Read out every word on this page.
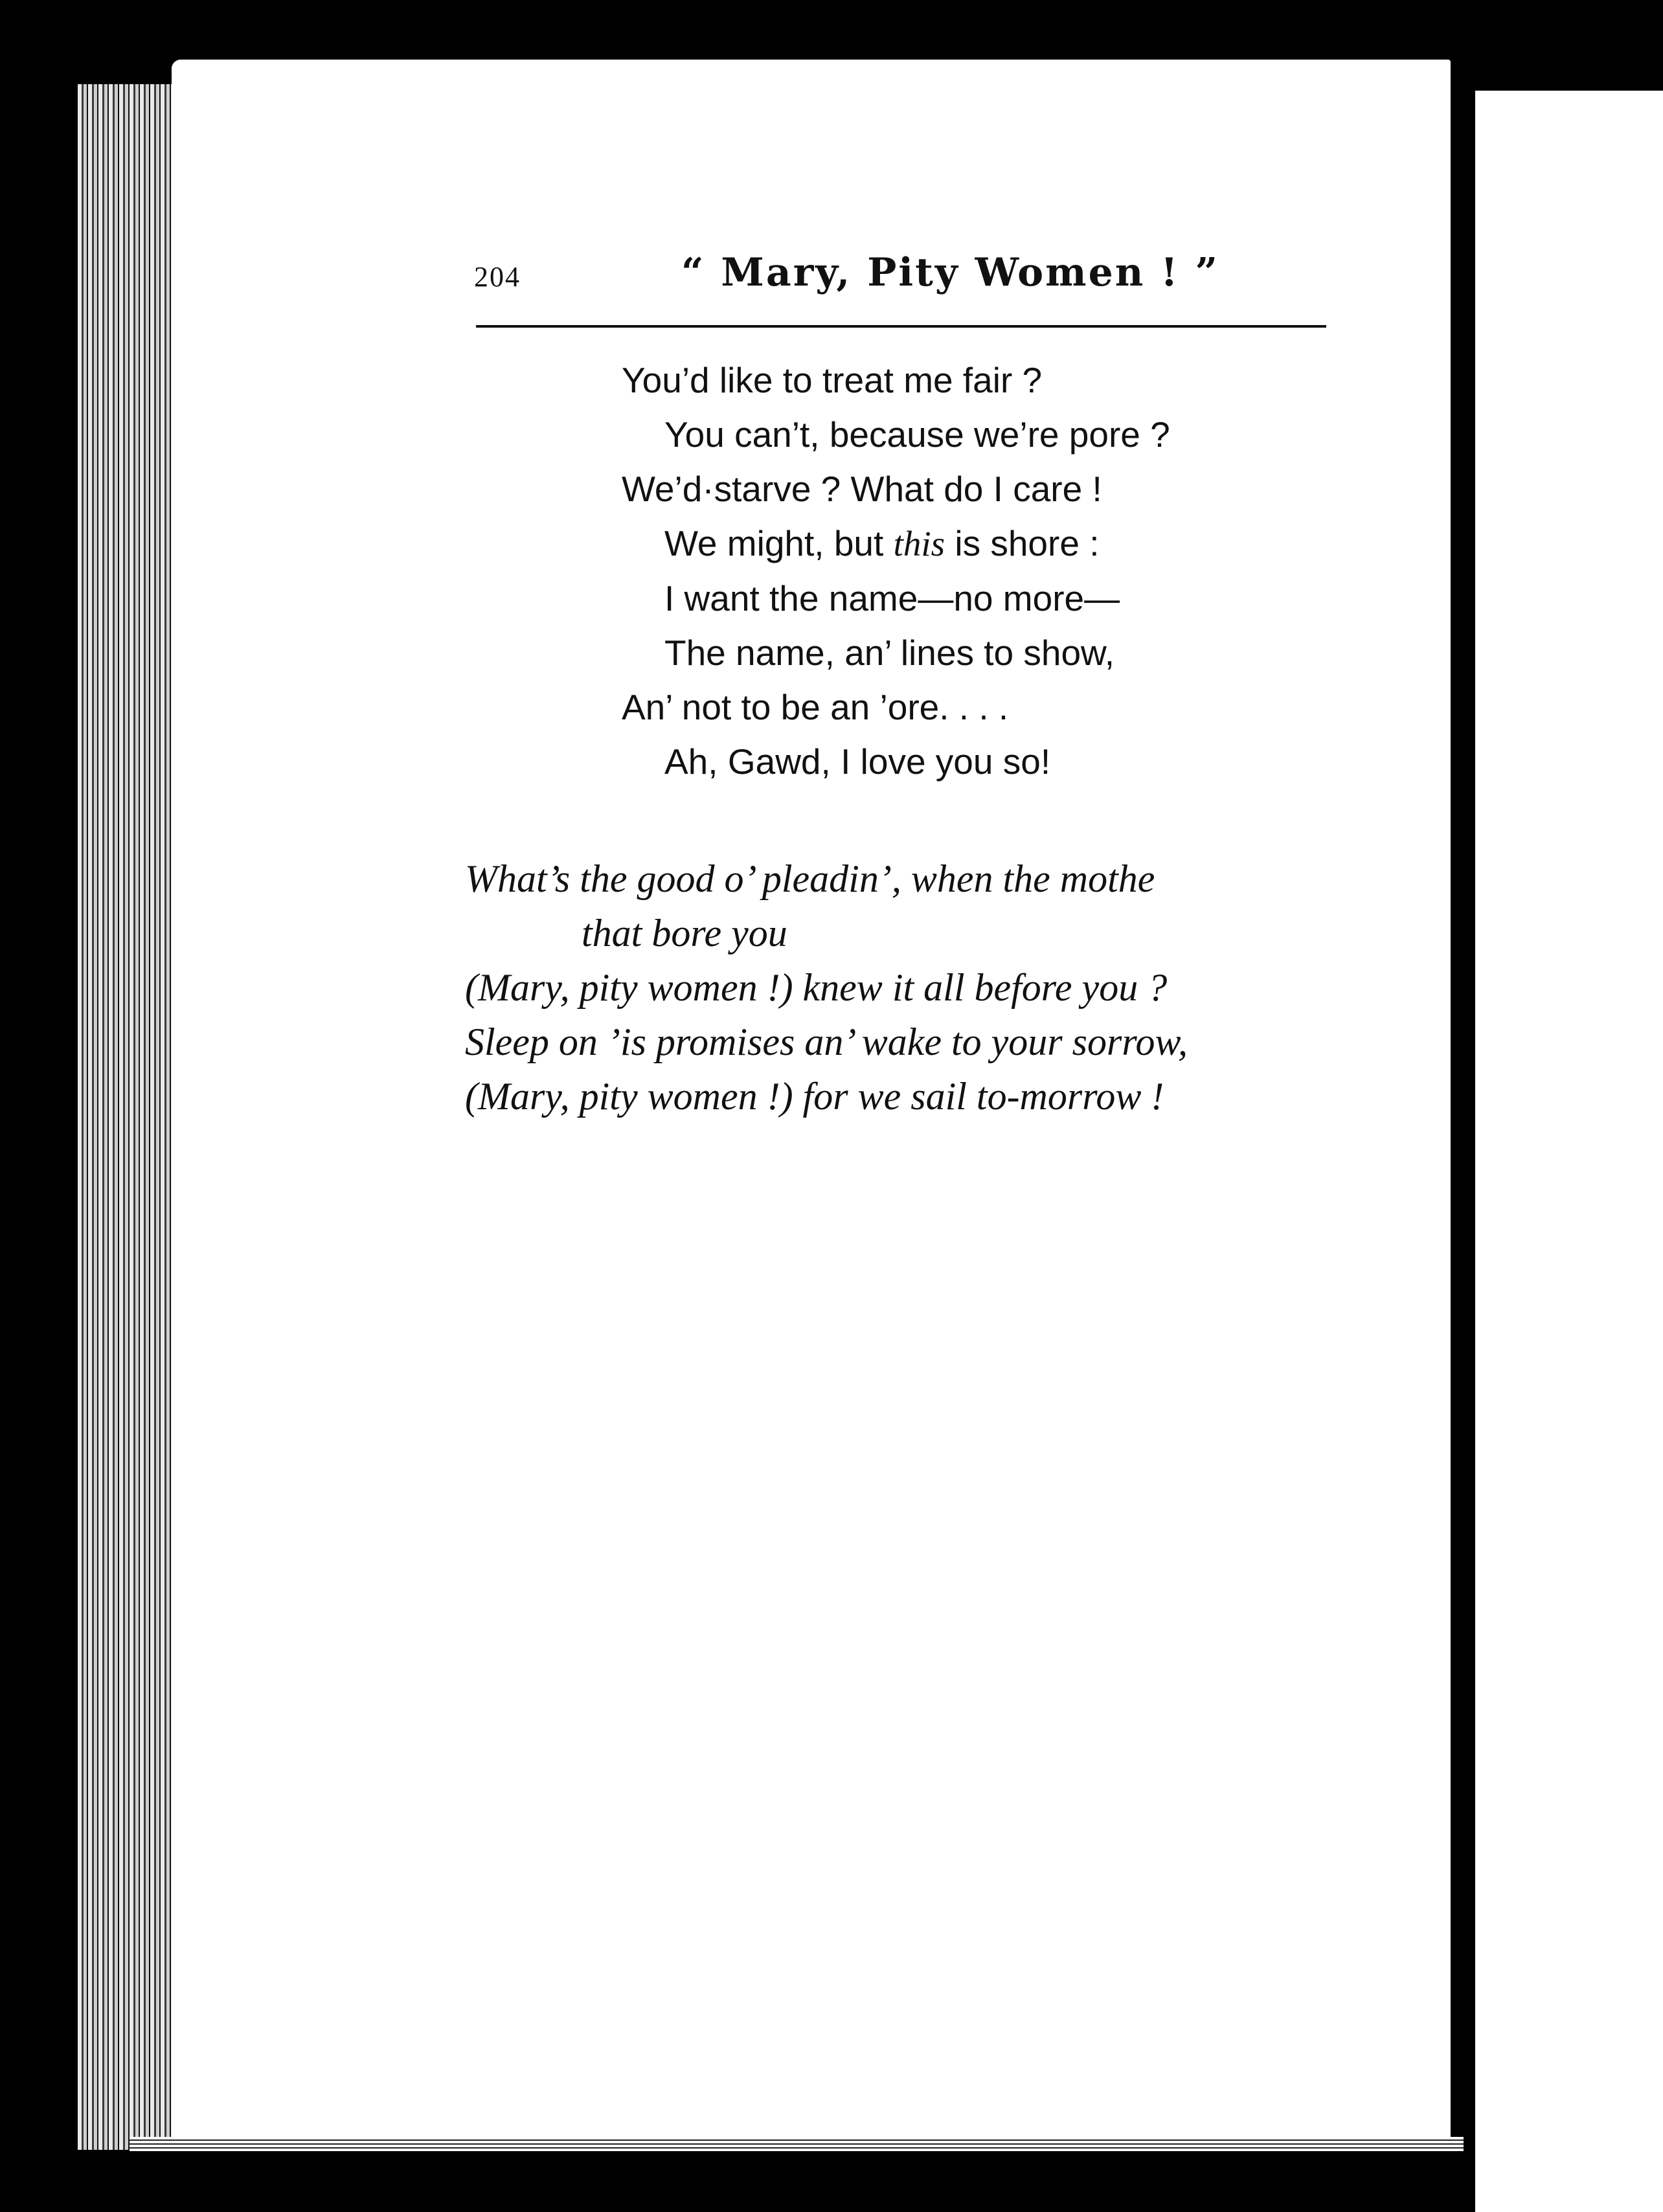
204	“ Mary, Pity Women ! ”
You’d like to treat me fair ?
You can’t, because we’re pore ?
We’d·starve ? What do I care !
We might, but this is shore :
I want the name—no more—
The name, an’ lines to show,
An’ not to be an ’ore. . . .
Ah, Gawd, I love you so!
What’s the good o’ pleadin’, when the mothe
that bore you
(Mary, pity women !) knew it all before you ?
Sleep on ’is promises an’ wake to your sorrow,
(Mary, pity women !) for we sail to-morrow !
